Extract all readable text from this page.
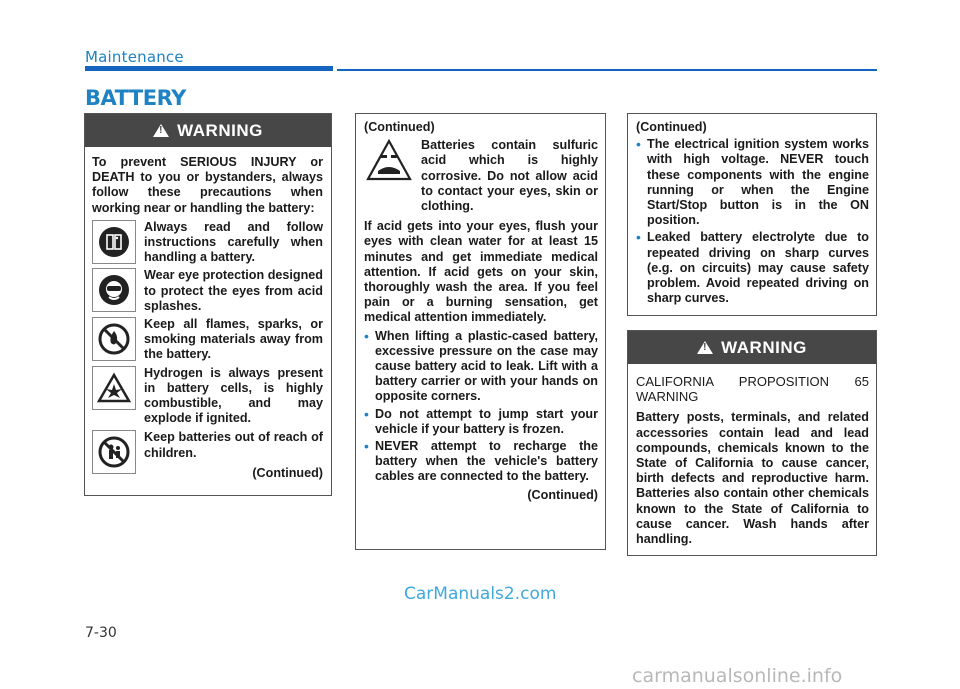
Maintenance
BATTERY
!
WARNING
To prevent SERIOUS INJURY or DEATH to you or bystanders, always follow these precautions when working near or handling the battery:
Always read and follow instructions carefully when handling a battery.
Wear eye protection designed to protect the eyes from acid splashes.
Keep all flames, sparks, or smoking materials away from the battery.
Hydrogen is always present in battery cells, is highly combustible, and may explode if ignited.
Keep batteries out of reach of children.
(Continued)
(Continued)
Batteries contain sulfuric acid which is highly corrosive. Do not allow acid to contact your eyes, skin or clothing.
If acid gets into your eyes, flush your eyes with clean water for at least 15 minutes and get immediate medical attention. If acid gets on your skin, thoroughly wash the area. If you feel pain or a burning sensation, get medical attention immediately.
• When lifting a plastic-cased battery, excessive pressure on the case may cause battery acid to leak. Lift with a battery carrier or with your hands on opposite corners.
• Do not attempt to jump start your vehicle if your battery is frozen.
• NEVER attempt to recharge the battery when the vehicle's battery cables are connected to the battery.
(Continued)
(Continued)
• The electrical ignition system works with high voltage. NEVER touch these components with the engine running or when the Engine Start/Stop button is in the ON position.
• Leaked battery electrolyte due to repeated driving on sharp curves (e.g. on circuits) may cause safety problem. Avoid repeated driving on sharp curves.
!
WARNING
CALIFORNIA PROPOSITION 65 WARNING
Battery posts, terminals, and related accessories contain lead and lead compounds, chemicals known to the State of California to cause cancer, birth defects and reproductive harm. Batteries also contain other chemicals known to the State of California to cause cancer. Wash hands after handling.
CarManuals2.com
7-30
carmanualsonline.info
